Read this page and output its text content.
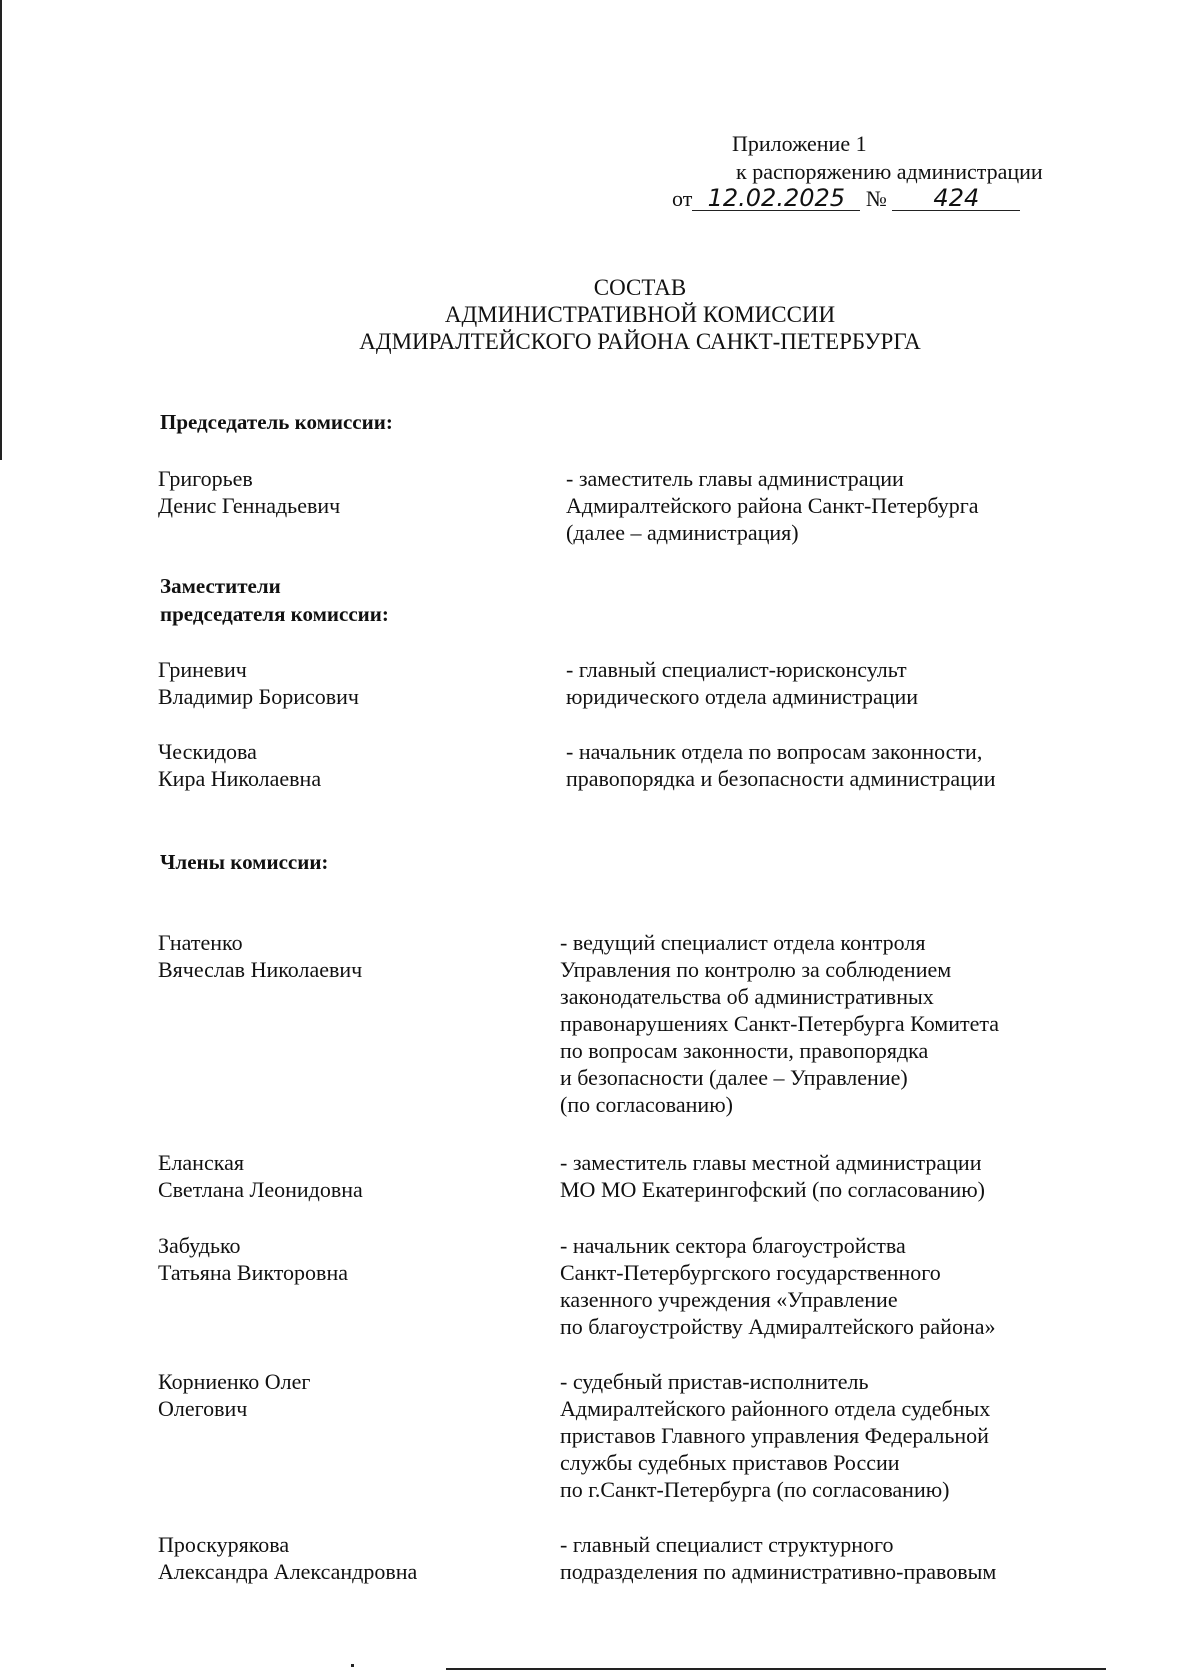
Приложение 1
к распоряжению администрации
от 12.02.2025 № 424
СОСТАВ
АДМИНИСТРАТИВНОЙ КОМИССИИ
АДМИРАЛТЕЙСКОГО РАЙОНА САНКТ-ПЕТЕРБУРГА
Председатель комиссии:
Григорьев
Денис Геннадьевич
- заместитель главы администрации
Адмиралтейского района Санкт-Петербурга
(далее – администрация)
Заместители
председателя комиссии:
Гриневич
Владимир Борисович
- главный специалист-юрисконсульт
юридического отдела администрации
Ческидова
Кира Николаевна
- начальник отдела по вопросам законности,
правопорядка и безопасности администрации
Члены комиссии:
Гнатенко
Вячеслав Николаевич
- ведущий специалист отдела контроля
Управления по контролю за соблюдением
законодательства об административных
правонарушениях Санкт-Петербурга Комитета
по вопросам законности, правопорядка
и безопасности (далее – Управление)
(по согласованию)
Еланская
Светлана Леонидовна
- заместитель главы местной администрации
МО МО Екатерингофский (по согласованию)
Забудько
Татьяна Викторовна
- начальник сектора благоустройства
Санкт-Петербургского государственного
казенного учреждения «Управление
по благоустройству Адмиралтейского района»
Корниенко Олег
Олегович
- судебный пристав-исполнитель
Адмиралтейского районного отдела судебных
приставов Главного управления Федеральной
службы судебных приставов России
по г.Санкт-Петербурга (по согласованию)
Проскурякова
Александра Александровна
- главный специалист структурного
подразделения по административно-правовым
